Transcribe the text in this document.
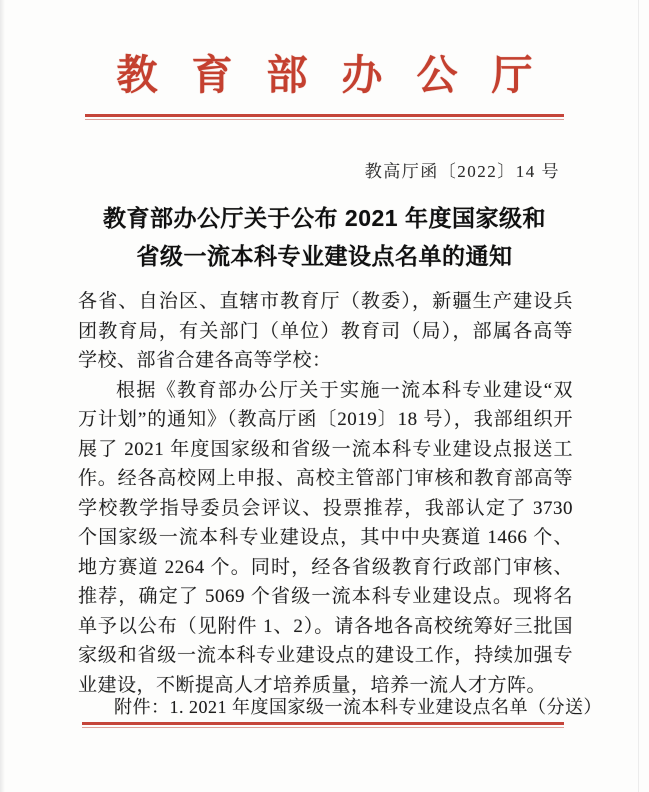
教育部办公厅
教高厅函〔2022〕14 号
教育部办公厅关于公布 2021 年度国家级和
省级一流本科专业建设点名单的通知

各省、自治区、直辖市教育厅（教委），新疆生产建设兵团教育局，有关部门（单位）教育司（局），部属各高等学校、部省合建各高等学校：

根据《教育部办公厅关于实施一流本科专业建设“双万计划”的通知》（教高厅函〔2019〕18 号），我部组织开展了 2021 年度国家级和省级一流本科专业建设点报送工作。经各高校网上申报、高校主管部门审核和教育部高等学校教学指导委员会评议、投票推荐，我部认定了 3730 个国家级一流本科专业建设点，其中中央赛道 1466 个、地方赛道 2264 个。同时，经各省级教育行政部门审核、推荐，确定了 5069 个省级一流本科专业建设点。现将名单予以公布（见附件 1、2）。请各地各高校统筹好三批国家级和省级一流本科专业建设点的建设工作，持续加强专业建设，不断提高人才培养质量，培养一流人才方阵。

附件：1. 2021 年度国家级一流本科专业建设点名单（分送）
